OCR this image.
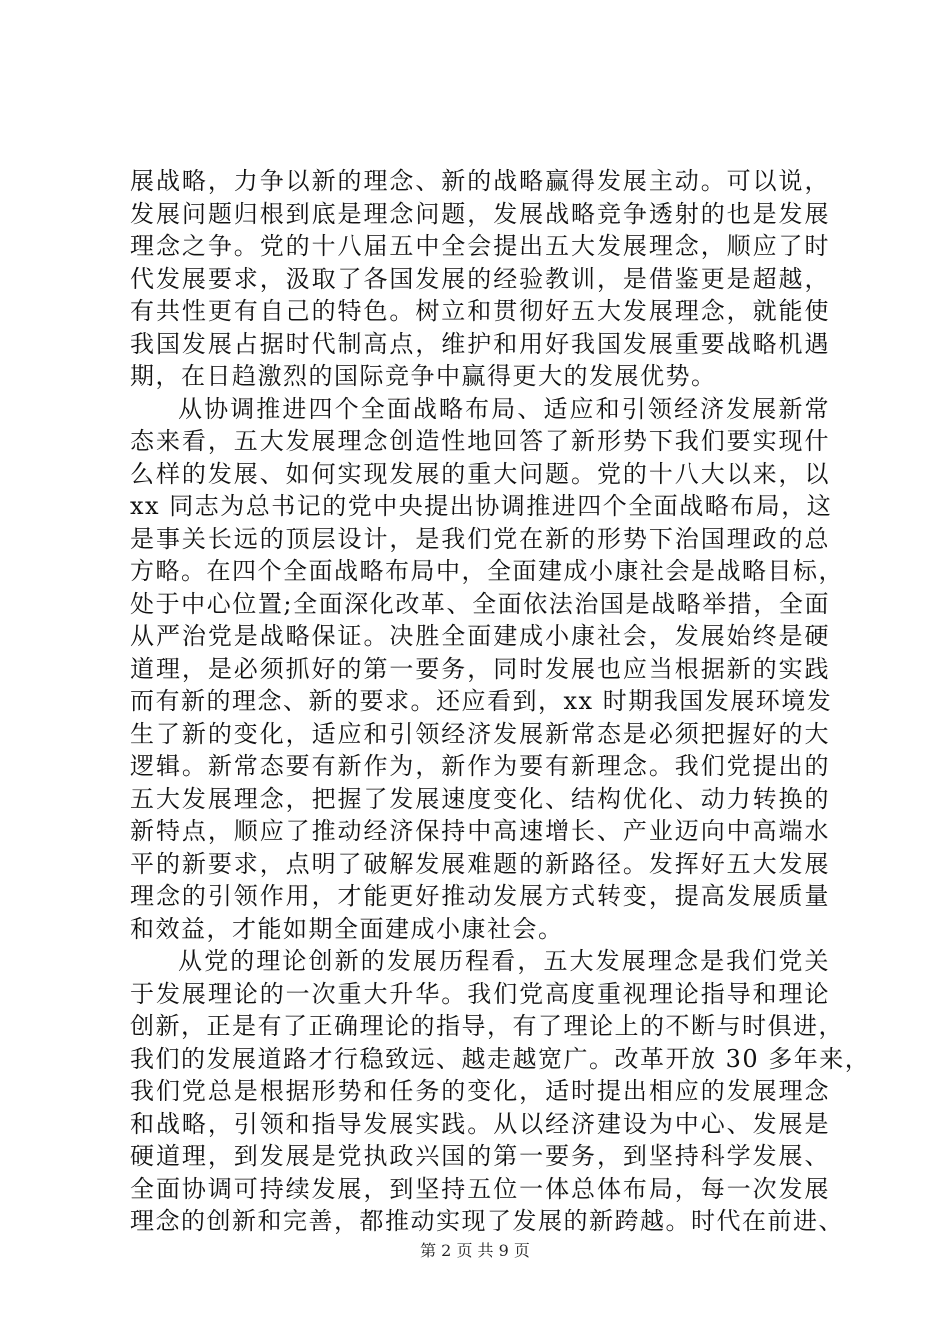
展战略，力争以新的理念、新的战略赢得发展主动。可以说，
发展问题归根到底是理念问题，发展战略竞争透射的也是发展
理念之争。党的十八届五中全会提出五大发展理念，顺应了时
代发展要求，汲取了各国发展的经验教训，是借鉴更是超越，
有共性更有自己的特色。树立和贯彻好五大发展理念，就能使
我国发展占据时代制高点，维护和用好我国发展重要战略机遇
期，在日趋激烈的国际竞争中赢得更大的发展优势。
从协调推进四个全面战略布局、适应和引领经济发展新常
态来看，五大发展理念创造性地回答了新形势下我们要实现什
么样的发展、如何实现发展的重大问题。党的十八大以来，以
xx 同志为总书记的党中央提出协调推进四个全面战略布局，这
是事关长远的顶层设计，是我们党在新的形势下治国理政的总
方略。在四个全面战略布局中，全面建成小康社会是战略目标，
处于中心位置;全面深化改革、全面依法治国是战略举措，全面
从严治党是战略保证。决胜全面建成小康社会，发展始终是硬
道理，是必须抓好的第一要务，同时发展也应当根据新的实践
而有新的理念、新的要求。还应看到，xx 时期我国发展环境发
生了新的变化，适应和引领经济发展新常态是必须把握好的大
逻辑。新常态要有新作为，新作为要有新理念。我们党提出的
五大发展理念，把握了发展速度变化、结构优化、动力转换的
新特点，顺应了推动经济保持中高速增长、产业迈向中高端水
平的新要求，点明了破解发展难题的新路径。发挥好五大发展
理念的引领作用，才能更好推动发展方式转变，提高发展质量
和效益，才能如期全面建成小康社会。
从党的理论创新的发展历程看，五大发展理念是我们党关
于发展理论的一次重大升华。我们党高度重视理论指导和理论
创新，正是有了正确理论的指导，有了理论上的不断与时俱进，
我们的发展道路才行稳致远、越走越宽广。改革开放 30 多年来，
我们党总是根据形势和任务的变化，适时提出相应的发展理念
和战略，引领和指导发展实践。从以经济建设为中心、发展是
硬道理，到发展是党执政兴国的第一要务，到坚持科学发展、
全面协调可持续发展，到坚持五位一体总体布局，每一次发展
理念的创新和完善，都推动实现了发展的新跨越。时代在前进、
第 2 页 共 9 页
